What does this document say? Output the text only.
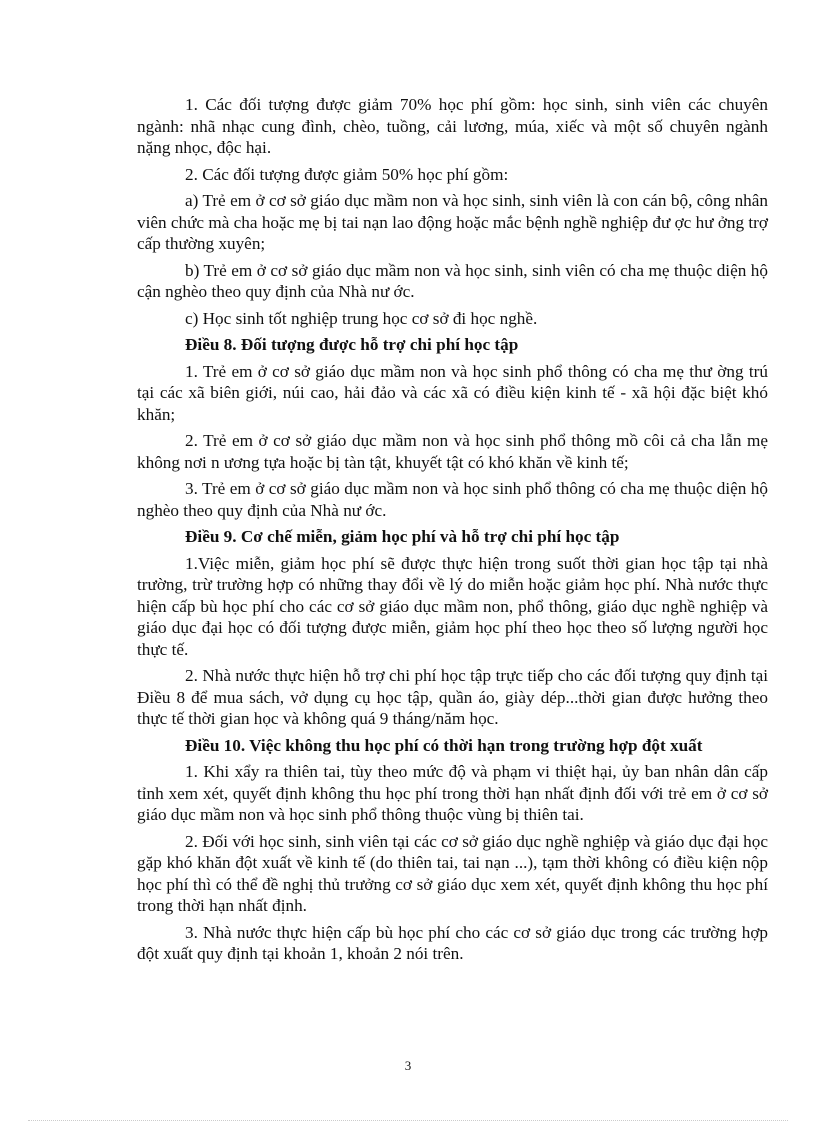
1. Các đối tượng được giảm 70% học phí gồm: học sinh, sinh viên các chuyên ngành: nhã nhạc cung đình, chèo, tuồng, cải lương, múa, xiếc và một số chuyên ngành nặng nhọc, độc hại.

2. Các đối tượng được giảm 50% học phí gồm:

a) Trẻ em ở cơ sở giáo dục mầm non và học sinh, sinh viên là con cán bộ, công nhân viên chức mà cha hoặc mẹ bị tai nạn lao động hoặc mắc bệnh nghề nghiệp đư ợc hư ởng trợ cấp thường xuyên;

b) Trẻ em ở cơ sở giáo dục mầm non và học sinh, sinh viên có cha mẹ thuộc diện hộ cận nghèo theo quy định của Nhà nư ớc.

c) Học sinh tốt nghiệp trung học cơ sở đi học nghề.

Điều 8. Đối tượng được hỗ trợ chi phí học tập

1. Trẻ em ở cơ sở giáo dục mầm non và học sinh phổ thông có cha mẹ thư ờng trú tại các xã biên giới, núi cao, hải đảo và các xã có điều kiện kinh tế - xã hội đặc biệt khó khăn;

2. Trẻ em ở cơ sở giáo dục mầm non và học sinh phổ thông mồ côi cả cha lẫn mẹ không nơi n ương tựa hoặc bị tàn tật, khuyết tật có khó khăn về kinh tế;

3. Trẻ em ở cơ sở giáo dục mầm non và học sinh phổ thông có cha mẹ thuộc diện hộ nghèo theo quy định của Nhà nư ớc.

Điều 9. Cơ chế miễn, giảm học phí và hỗ trợ chi phí học tập

1.Việc miễn, giảm học phí sẽ được thực hiện trong suốt thời gian học tập tại nhà trường, trừ trường hợp có những thay đổi về lý do miễn hoặc giảm học phí. Nhà nước thực hiện cấp bù học phí cho các cơ sở giáo dục mầm non, phổ thông, giáo dục nghề nghiệp và giáo dục đại học có đối tượng được miễn, giảm học phí theo học theo số lượng người học thực tế.

2. Nhà nước thực hiện hỗ trợ chi phí học tập trực tiếp cho các đối tượng quy định tại Điều 8 để mua sách, vở dụng cụ học tập, quần áo, giày dép...thời gian được hưởng theo thực tế thời gian học và không quá 9 tháng/năm học.

Điều 10. Việc không thu học phí có thời hạn trong trường hợp đột xuất

1. Khi xẩy ra thiên tai, tùy theo mức độ và phạm vi thiệt hại, ủy ban nhân dân cấp tỉnh xem xét, quyết định không thu học phí trong thời hạn nhất định đối với trẻ em ở cơ sở giáo dục mầm non và học sinh phổ thông thuộc vùng bị thiên tai.

2. Đối với học sinh, sinh viên tại các cơ sở giáo dục nghề nghiệp và giáo dục đại học gặp khó khăn đột xuất về kinh tế (do thiên tai, tai nạn ...), tạm thời không có điều kiện nộp học phí thì có thể đề nghị thủ trưởng cơ sở giáo dục xem xét, quyết định không thu học phí trong thời hạn nhất định.

3. Nhà nước thực hiện cấp bù học phí cho các cơ sở giáo dục trong các trường hợp đột xuất quy định tại khoản 1, khoản 2 nói trên.

3
